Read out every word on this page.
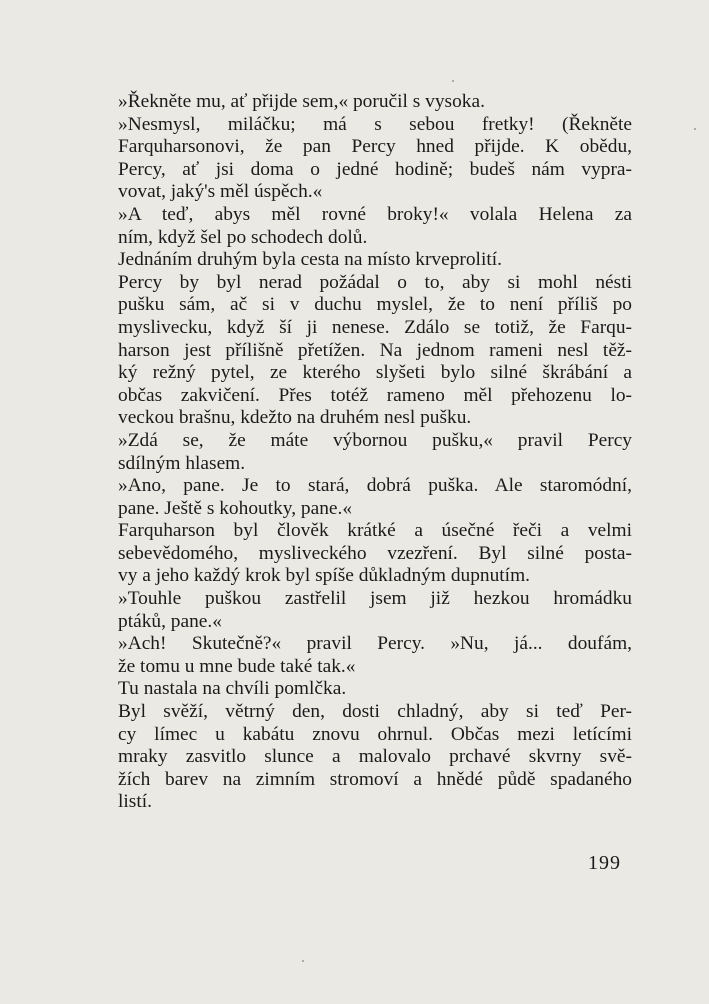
»Řekněte mu, ať přijde sem,« poručil s vysoka.
»Nesmysl, miláčku; má s sebou fretky! (Řekněte
Farquharsonovi, že pan Percy hned přijde. K obědu,
Percy, ať jsi doma o jedné hodině; budeš nám vypra-
vovat, jaký's měl úspěch.«
»A teď, abys měl rovné broky!« volala Helena za
ním, když šel po schodech dolů.
Jednáním druhým byla cesta na místo krveprolití.
Percy by byl nerad požádal o to, aby si mohl nésti
pušku sám, ač si v duchu myslel, že to není příliš po
myslivecku, když ší ji nenese. Zdálo se totiž, že Farqu-
harson jest přílišně přetížen. Na jednom rameni nesl těž-
ký režný pytel, ze kterého slyšeti bylo silné škrábání a
občas zakvičení. Přes totéž rameno měl přehozenu lo-
veckou brašnu, kdežto na druhém nesl pušku.
»Zdá se, že máte výbornou pušku,« pravil Percy
sdílným hlasem.
»Ano, pane. Je to stará, dobrá puška. Ale staromódní,
pane. Ještě s kohoutky, pane.«
Farquharson byl člověk krátké a úsečné řeči a velmi
sebevědomého, mysliveckého vzezření. Byl silné posta-
vy a jeho každý krok byl spíše důkladným dupnutím.
»Touhle puškou zastřelil jsem již hezkou hromádku
ptáků, pane.«
»Ach! Skutečně?« pravil Percy. »Nu, já... doufám,
že tomu u mne bude také tak.«
Tu nastala na chvíli pomlčka.
Byl svěží, větrný den, dosti chladný, aby si teď Per-
cy límec u kabátu znovu ohrnul. Občas mezi letícími
mraky zasvitlo slunce a malovalo prchavé skvrny svě-
žích barev na zimním stromoví a hnědé půdě spadaného
listí.
199
